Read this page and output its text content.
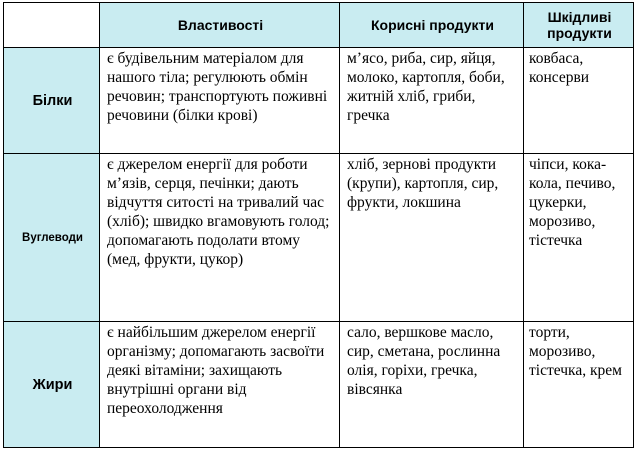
	Властивості	Корисні продукти	Шкідливі продукти
Білки	є будівельним матеріалом для нашого тіла; регулюють обмін речовин; транспортують поживні речовини (білки крові)	м’ясо, риба, сир, яйця, молоко, картопля, боби, житній хліб, гриби, гречка	ковбаса, консерви
Вуглеводи	є джерелом енергії для роботи м’язів, серця, печінки; дають відчуття ситості на тривалий час (хліб); швидко вгамовують голод; допомагають подолати втому (мед, фрукти, цукор)	хліб, зернові продукти (крупи), картопля, сир, фрукти, локшина	чіпси, кока-кола, печиво, цукерки, морозиво, тістечка
Жири	є найбільшим джерелом енергії організму; допомагають засвоїти деякі вітаміни; захищають внутрішні органи від переохолодження	сало, вершкове масло, сир, сметана, рослинна олія, горіхи, гречка, вівсянка	торти, морозиво, тістечка, крем
